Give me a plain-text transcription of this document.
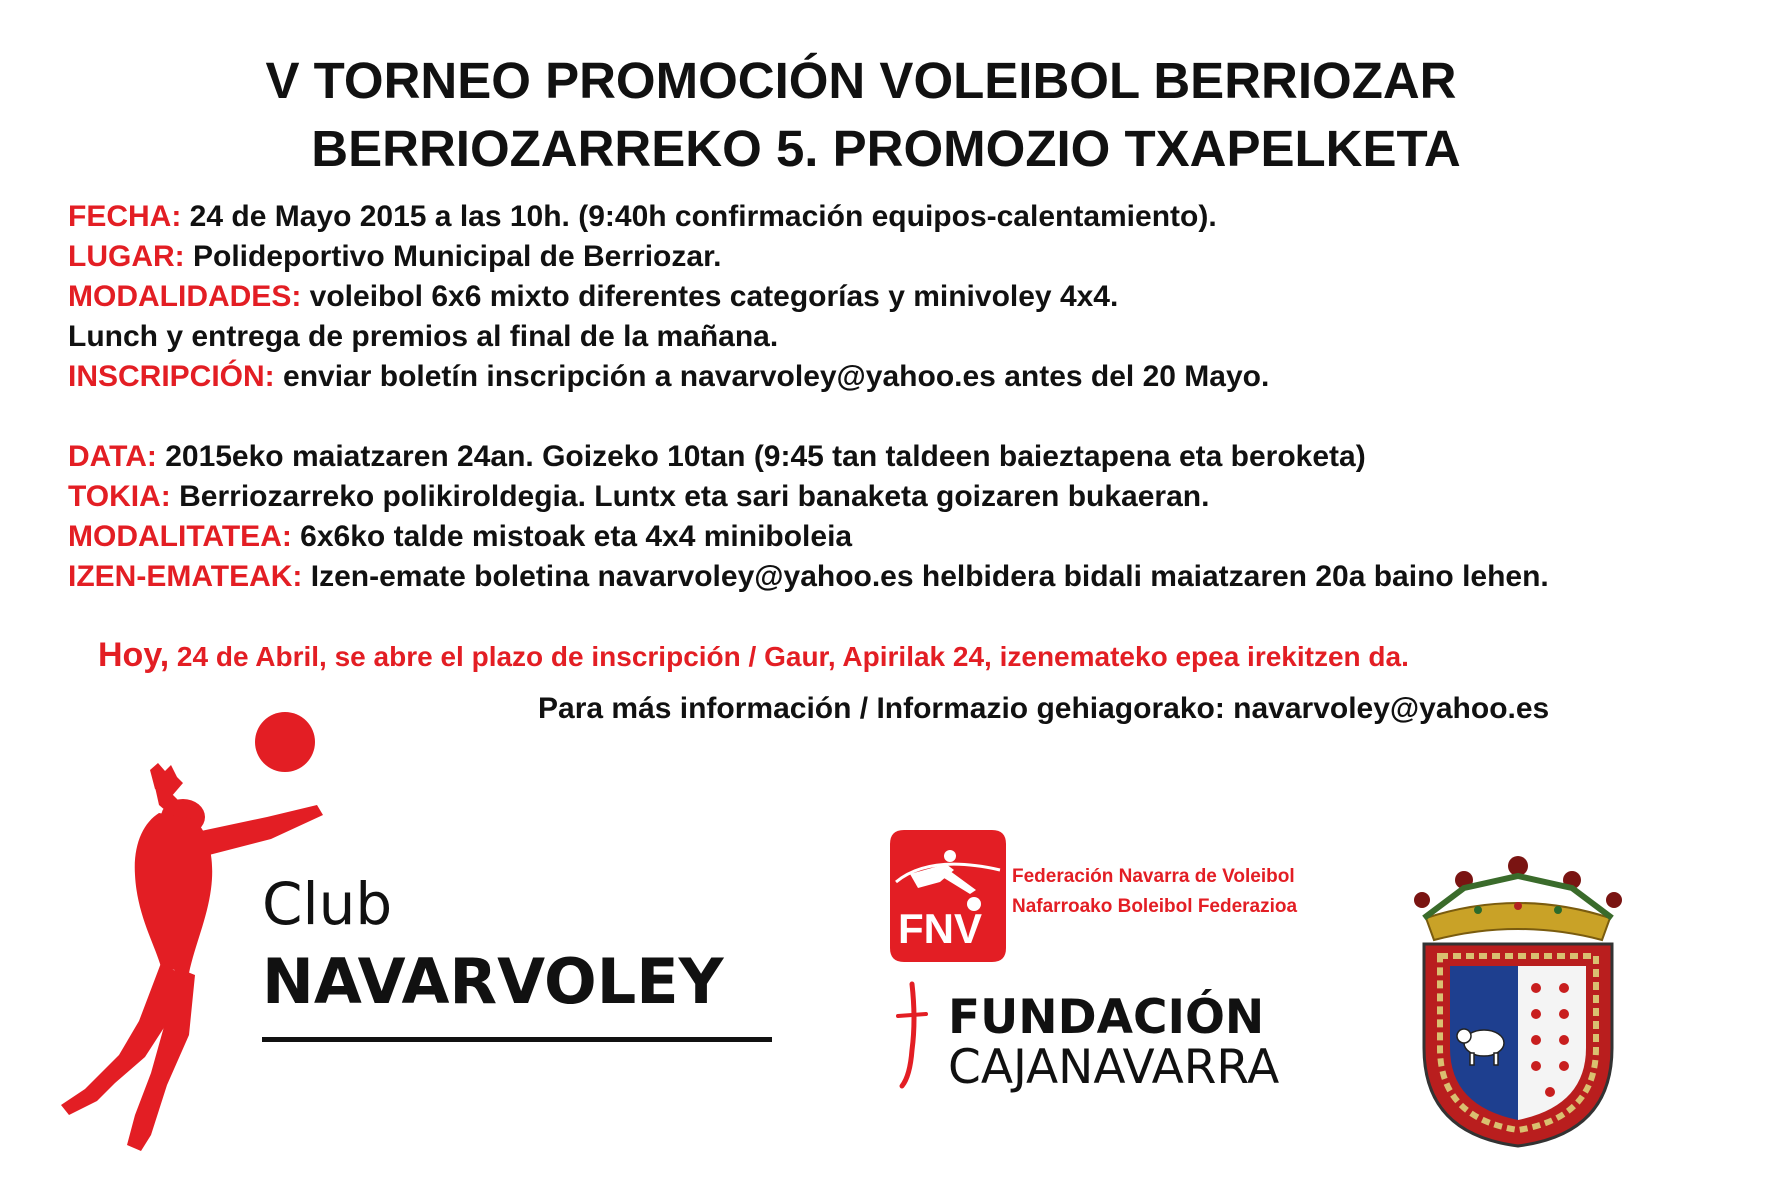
V TORNEO PROMOCIÓN VOLEIBOL BERRIOZAR
BERRIOZARREKO 5. PROMOZIO TXAPELKETA
FECHA: 24 de Mayo 2015 a las 10h. (9:40h confirmación equipos-calentamiento).
LUGAR: Polideportivo Municipal de Berriozar.
MODALIDADES: voleibol 6x6 mixto diferentes categorías y minivoley 4x4.
Lunch y entrega de premios al final de la mañana.
INSCRIPCIÓN: enviar boletín inscripción a navarvoley@yahoo.es antes del 20 Mayo.
DATA: 2015eko maiatzaren 24an. Goizeko 10tan (9:45 tan taldeen baieztapena eta beroketa)
TOKIA: Berriozarreko polikiroldegia. Luntx eta sari banaketa goizaren bukaeran.
MODALITATEA: 6x6ko talde mistoak eta 4x4 miniboleia
IZEN-EMATEAK: Izen-emate boletina navarvoley@yahoo.es helbidera bidali maiatzaren 20a baino lehen.
Hoy, 24 de Abril, se abre el plazo de inscripción / Gaur, Apirilak 24, izenemateko epea irekitzen da.
Para más información / Informazio gehiagorako: navarvoley@yahoo.es
Club
NAVARVOLEY
FNV
Federación Navarra de Voleibol
Nafarroako Boleibol Federazioa
FUNDACIÓN
CAJANAVARRA
